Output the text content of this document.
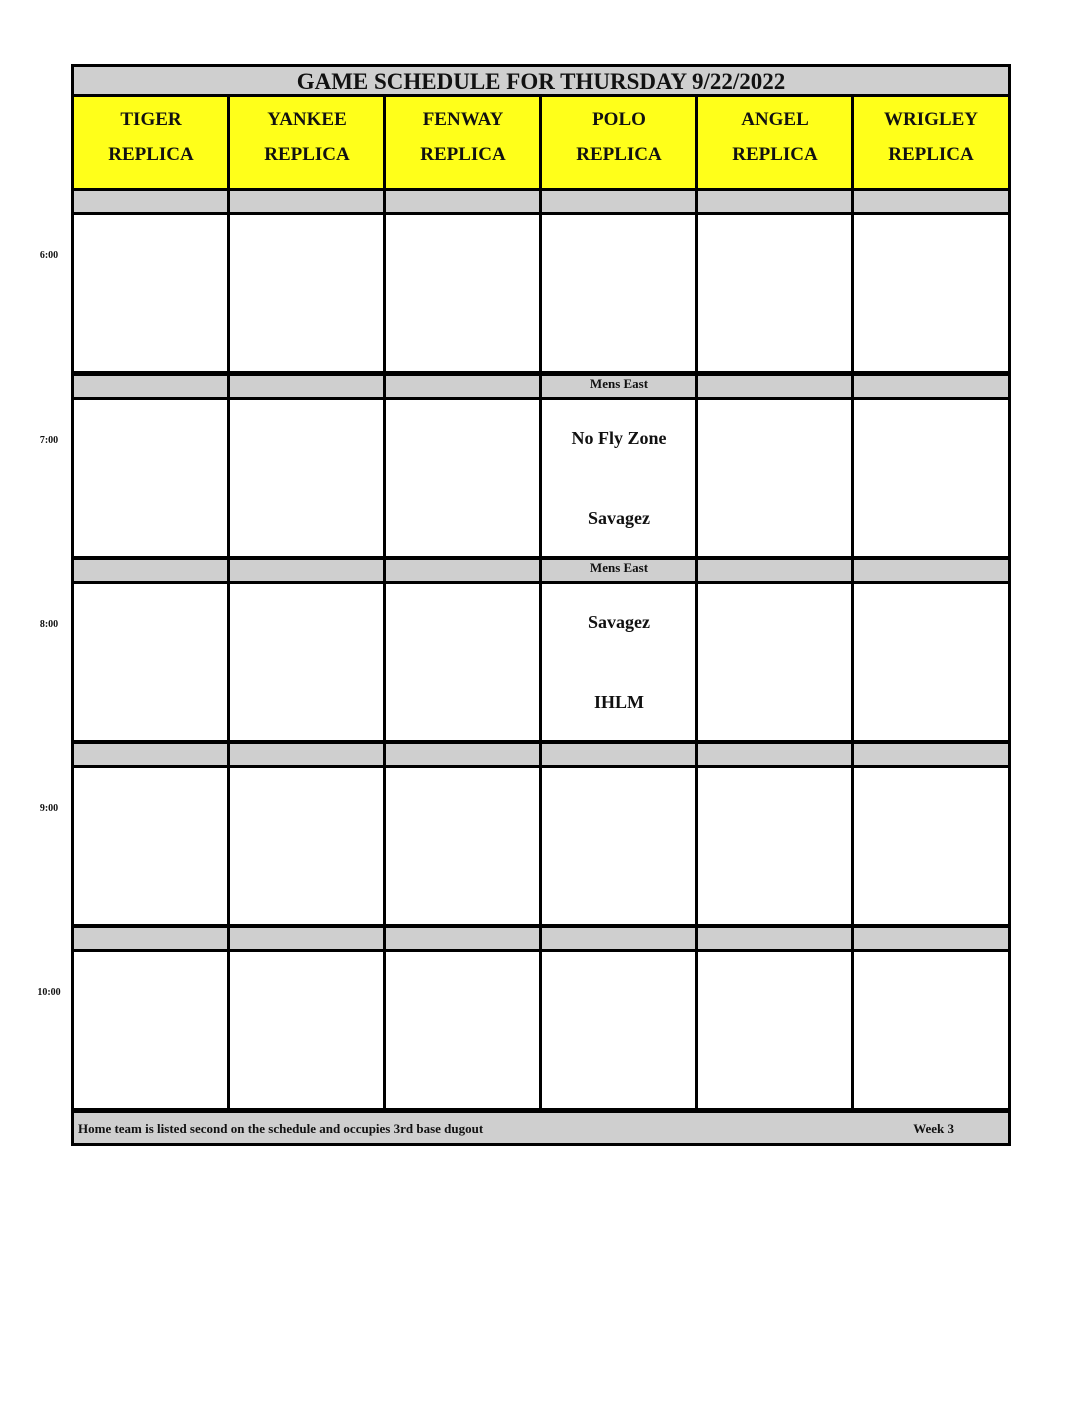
GAME SCHEDULE FOR THURSDAY 9/22/2022
TIGER
REPLICA
YANKEE
REPLICA
FENWAY
REPLICA
POLO
REPLICA
ANGEL
REPLICA
WRIGLEY
REPLICA
Mens East
No Fly Zone
Savagez
Mens East
Savagez
IHLM
Home team is listed second on the schedule and occupies 3rd base dugout	Week 3
6:00
7:00
8:00
9:00
10:00
